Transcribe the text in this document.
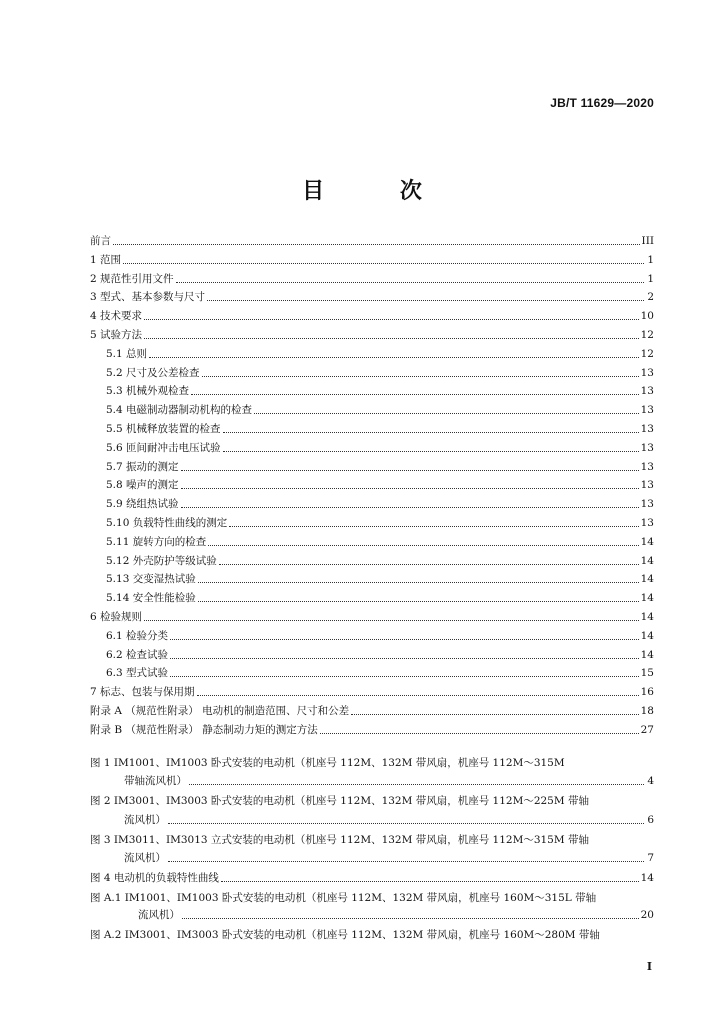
JB/T 11629—2020
目 次
前言	III
1 范围	1
2 规范性引用文件	1
3 型式、基本参数与尺寸	2
4 技术要求	10
5 试验方法	12
5.1 总则	12
5.2 尺寸及公差检查	13
5.3 机械外观检查	13
5.4 电磁制动器制动机构的检查	13
5.5 机械释放装置的检查	13
5.6 匝间耐冲击电压试验	13
5.7 振动的测定	13
5.8 噪声的测定	13
5.9 绕组热试验	13
5.10 负载特性曲线的测定	13
5.11 旋转方向的检查	14
5.12 外壳防护等级试验	14
5.13 交变湿热试验	14
5.14 安全性能检验	14
6 检验规则	14
6.1 检验分类	14
6.2 检查试验	14
6.3 型式试验	15
7 标志、包装与保用期	16
附录 A （规范性附录） 电动机的制造范围、尺寸和公差	18
附录 B （规范性附录） 静态制动力矩的测定方法	27
图 1 IM1001、IM1003 卧式安装的电动机（机座号 112M、132M 带风扇，机座号 112M～315M
带轴流风机）	4
图 2 IM3001、IM3003 卧式安装的电动机（机座号 112M、132M 带风扇，机座号 112M～225M 带轴
流风机）	6
图 3 IM3011、IM3013 立式安装的电动机（机座号 112M、132M 带风扇，机座号 112M～315M 带轴
流风机）	7
图 4 电动机的负载特性曲线	14
图 A.1 IM1001、IM1003 卧式安装的电动机（机座号 112M、132M 带风扇，机座号 160M～315L 带轴
流风机）	20
图 A.2 IM3001、IM3003 卧式安装的电动机（机座号 112M、132M 带风扇，机座号 160M～280M 带轴
I
